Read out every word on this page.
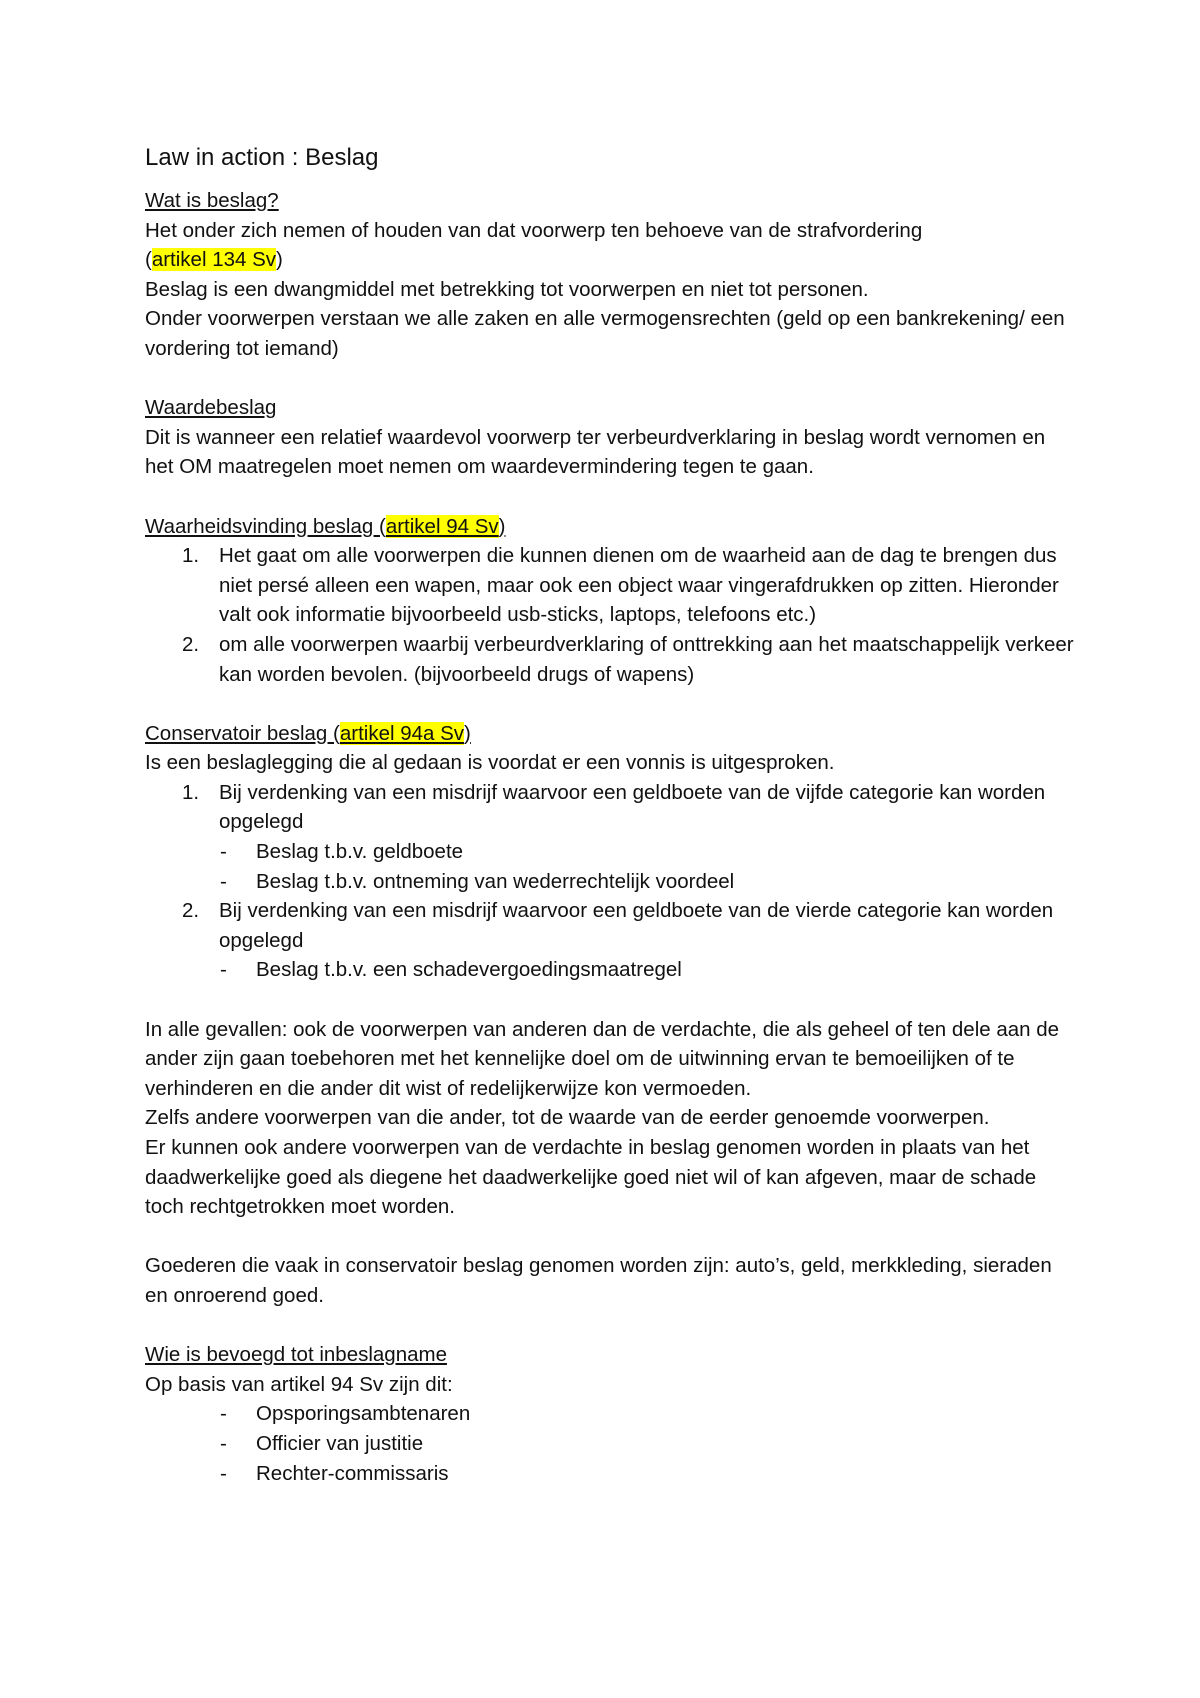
Law in action : Beslag

Wat is beslag?

Het onder zich nemen of houden van dat voorwerp ten behoeve van de strafvordering

(artikel 134 Sv)

Beslag is een dwangmiddel met betrekking tot voorwerpen en niet tot personen.

Onder voorwerpen verstaan we alle zaken en alle vermogensrechten (geld op een bankrekening/ een vordering tot iemand)

Waardebeslag

Dit is wanneer een relatief waardevol voorwerp ter verbeurdverklaring in beslag wordt vernomen en het OM maatregelen moet nemen om waardevermindering tegen te gaan.

Waarheidsvinding beslag (artikel 94 Sv)

1. Het gaat om alle voorwerpen die kunnen dienen om de waarheid aan de dag te brengen dus niet persé alleen een wapen, maar ook een object waar vingerafdrukken op zitten. Hieronder valt ook informatie bijvoorbeeld usb-sticks, laptops, telefoons etc.)
2. om alle voorwerpen waarbij verbeurdverklaring of onttrekking aan het maatschappelijk verkeer kan worden bevolen. (bijvoorbeeld drugs of wapens)

Conservatoir beslag (artikel 94a Sv)

Is een beslaglegging die al gedaan is voordat er een vonnis is uitgesproken.

1. Bij verdenking van een misdrijf waarvoor een geldboete van de vijfde categorie kan worden opgelegd
- Beslag t.b.v. geldboete
- Beslag t.b.v. ontneming van wederrechtelijk voordeel
2. Bij verdenking van een misdrijf waarvoor een geldboete van de vierde categorie kan worden opgelegd
- Beslag t.b.v. een schadevergoedingsmaatregel

In alle gevallen: ook de voorwerpen van anderen dan de verdachte, die als geheel of ten dele aan de ander zijn gaan toebehoren met het kennelijke doel om de uitwinning ervan te bemoeilijken of te verhinderen en die ander dit wist of redelijkerwijze kon vermoeden.

Zelfs andere voorwerpen van die ander, tot de waarde van de eerder genoemde voorwerpen.

Er kunnen ook andere voorwerpen van de verdachte in beslag genomen worden in plaats van het daadwerkelijke goed als diegene het daadwerkelijke goed niet wil of kan afgeven, maar de schade toch rechtgetrokken moet worden.

Goederen die vaak in conservatoir beslag genomen worden zijn: auto’s, geld, merkkleding, sieraden en onroerend goed.

Wie is bevoegd tot inbeslagname

Op basis van artikel 94 Sv zijn dit:

- Opsporingsambtenaren
- Officier van justitie
- Rechter-commissaris
